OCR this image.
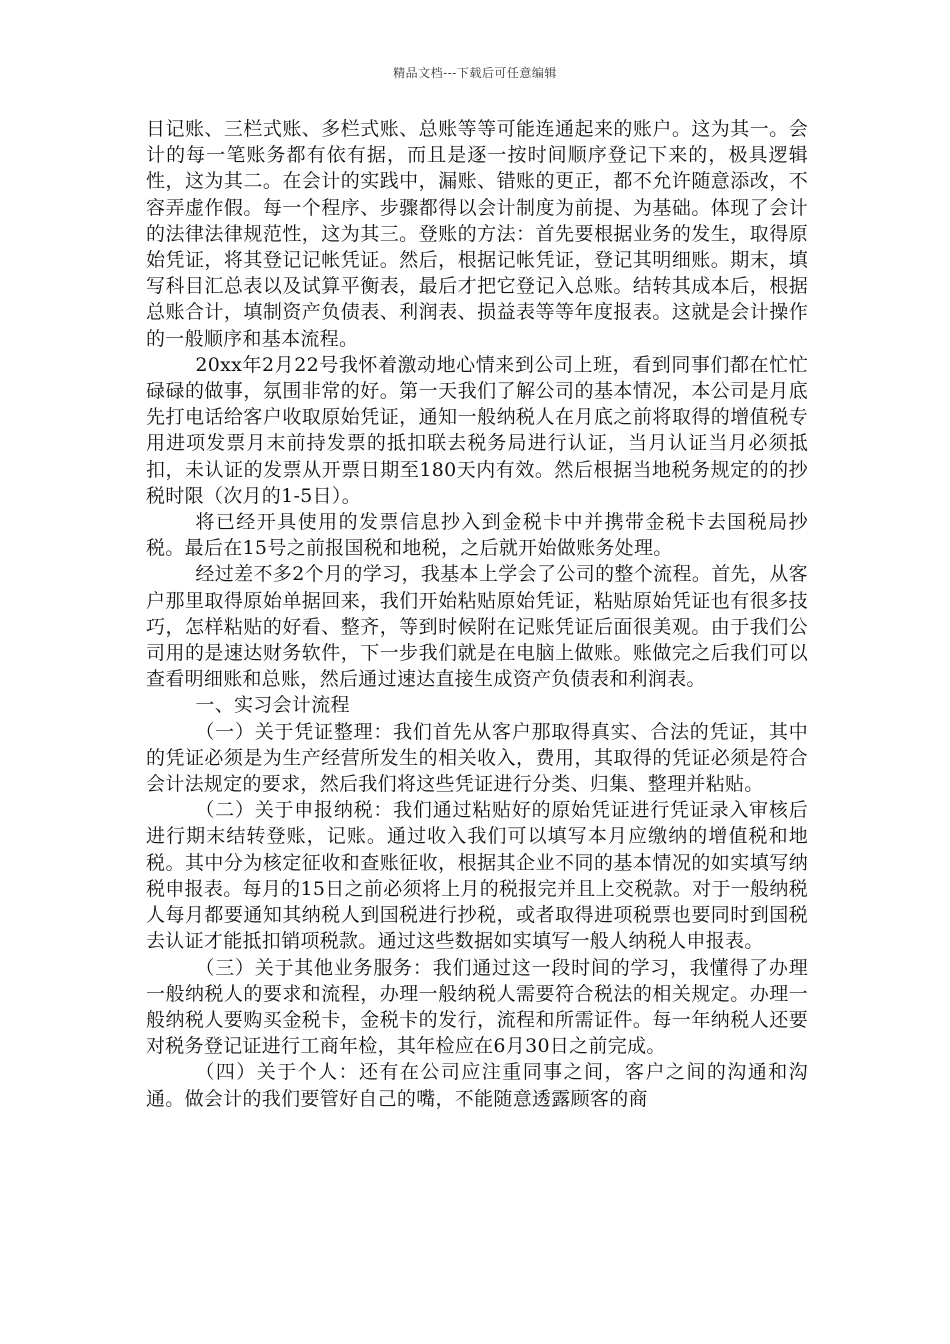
精品文档---下载后可任意编辑

日记账、三栏式账、多栏式账、总账等等可能连通起来的账户。这为其一。会计的每一笔账务都有依有据，而且是逐一按时间顺序登记下来的，极具逻辑性，这为其二。在会计的实践中，漏账、错账的更正，都不允许随意添改，不容弄虚作假。每一个程序、步骤都得以会计制度为前提、为基础。体现了会计的法律法律规范性，这为其三。登账的方法：首先要根据业务的发生，取得原始凭证，将其登记记帐凭证。然后，根据记帐凭证，登记其明细账。期末，填写科目汇总表以及试算平衡表，最后才把它登记入总账。结转其成本后，根据总账合计，填制资产负债表、利润表、损益表等等年度报表。这就是会计操作的一般顺序和基本流程。

20xx年2月22号我怀着激动地心情来到公司上班，看到同事们都在忙忙碌碌的做事，氛围非常的好。第一天我们了解公司的基本情况，本公司是月底先打电话给客户收取原始凭证，通知一般纳税人在月底之前将取得的增值税专用进项发票月末前持发票的抵扣联去税务局进行认证，当月认证当月必须抵扣，未认证的发票从开票日期至180天内有效。然后根据当地税务规定的的抄税时限（次月的1-5日）。

将已经开具使用的发票信息抄入到金税卡中并携带金税卡去国税局抄税。最后在15号之前报国税和地税，之后就开始做账务处理。

经过差不多2个月的学习，我基本上学会了公司的整个流程。首先，从客户那里取得原始单据回来，我们开始粘贴原始凭证，粘贴原始凭证也有很多技巧，怎样粘贴的好看、整齐，等到时候附在记账凭证后面很美观。由于我们公司用的是速达财务软件，下一步我们就是在电脑上做账。账做完之后我们可以查看明细账和总账，然后通过速达直接生成资产负债表和利润表。

一、实习会计流程

（一）关于凭证整理：我们首先从客户那取得真实、合法的凭证，其中的凭证必须是为生产经营所发生的相关收入，费用，其取得的凭证必须是符合会计法规定的要求，然后我们将这些凭证进行分类、归集、整理并粘贴。

（二）关于申报纳税：我们通过粘贴好的原始凭证进行凭证录入审核后进行期末结转登账，记账。通过收入我们可以填写本月应缴纳的增值税和地税。其中分为核定征收和查账征收，根据其企业不同的基本情况的如实填写纳税申报表。每月的15日之前必须将上月的税报完并且上交税款。对于一般纳税人每月都要通知其纳税人到国税进行抄税，或者取得进项税票也要同时到国税去认证才能抵扣销项税款。通过这些数据如实填写一般人纳税人申报表。

（三）关于其他业务服务：我们通过这一段时间的学习，我懂得了办理一般纳税人的要求和流程，办理一般纳税人需要符合税法的相关规定。办理一般纳税人要购买金税卡，金税卡的发行，流程和所需证件。每一年纳税人还要对税务登记证进行工商年检，其年检应在6月30日之前完成。

（四）关于个人：还有在公司应注重同事之间，客户之间的沟通和沟通。做会计的我们要管好自己的嘴，不能随意透露顾客的商
